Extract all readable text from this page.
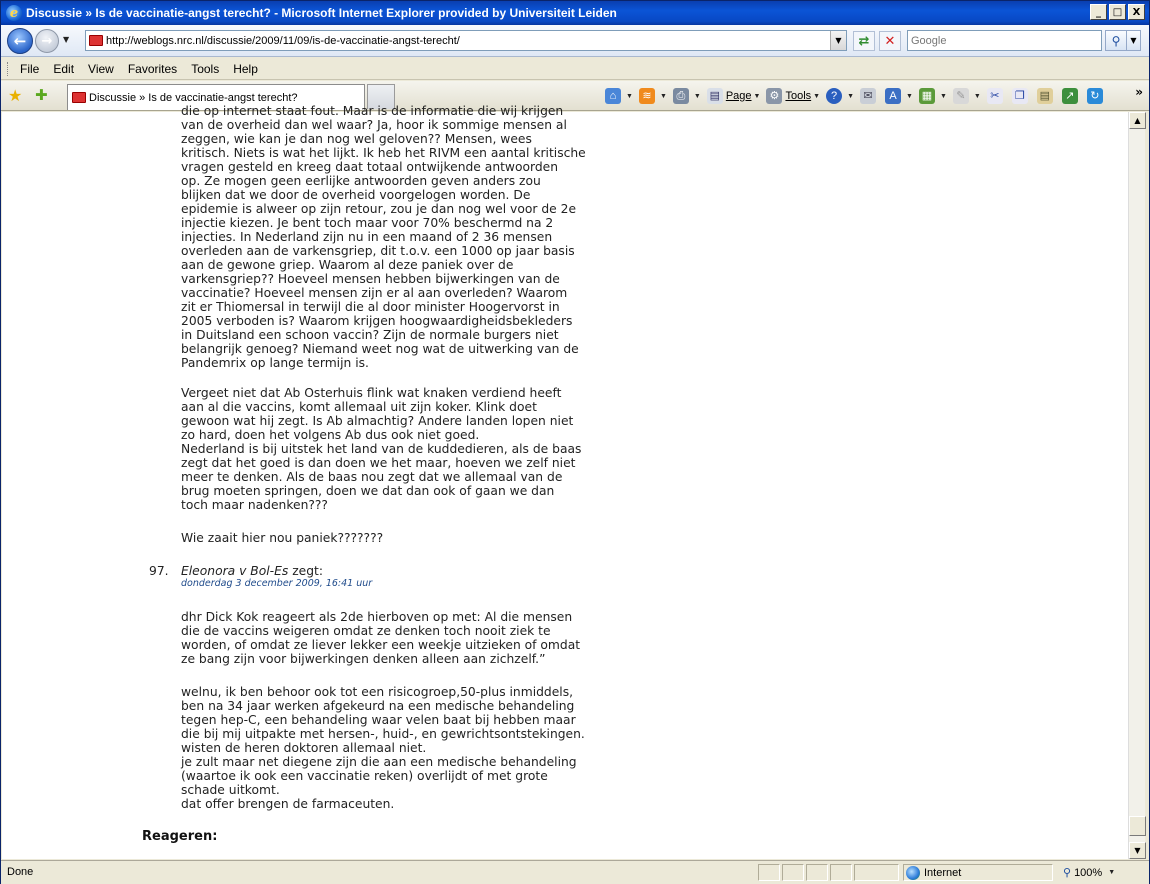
e Discussie » Is de vaccinatie-angst terecht? - Microsoft Internet Explorer provided by Universiteit Leiden	_	□	X
←	→	▼	http://weblogs.nrc.nl/discussie/2009/11/09/is-de-vaccinatie-angst-terecht/	▼	⇄	✕	Google	⚲	▼
File Edit View Favorites Tools Help
★ ✚	Discussie » Is de vaccinatie-angst terecht?	⌂	▼ ≋	▼ ⎙	▼ ▤ Page ▼ ⚙ Tools ▼ ?	▼ ✉	A	▼ ▦	▼ ✎	▼ ✂	❐ ▤	↗	↻	»

die op internet staat fout. Maar is de informatie die wij krijgen
van de overheid dan wel waar? Ja, hoor ik sommige mensen al
zeggen, wie kan je dan nog wel geloven?? Mensen, wees
kritisch. Niets is wat het lijkt. Ik heb het RIVM een aantal kritische
vragen gesteld en kreeg daat totaal ontwijkende antwoorden
op. Ze mogen geen eerlijke antwoorden geven anders zou
blijken dat we door de overheid voorgelogen worden. De
epidemie is alweer op zijn retour, zou je dan nog wel voor de 2e
injectie kiezen. Je bent toch maar voor 70% beschermd na 2
injecties. In Nederland zijn nu in een maand of 2 36 mensen
overleden aan de varkensgriep, dit t.o.v. een 1000 op jaar basis
aan de gewone griep. Waarom al deze paniek over de
varkensgriep?? Hoeveel mensen hebben bijwerkingen van de
vaccinatie? Hoeveel mensen zijn er al aan overleden? Waarom
zit er Thiomersal in terwijl die al door minister Hoogervorst in
2005 verboden is? Waarom krijgen hoogwaardigheidsbekleders
in Duitsland een schoon vaccin? Zijn de normale burgers niet
belangrijk genoeg? Niemand weet nog wat de uitwerking van de
Pandemrix op lange termijn is.

Vergeet niet dat Ab Osterhuis flink wat knaken verdiend heeft
aan al die vaccins, komt allemaal uit zijn koker. Klink doet
gewoon wat hij zegt. Is Ab almachtig? Andere landen lopen niet
zo hard, doen het volgens Ab dus ook niet goed.
Nederland is bij uitstek het land van de kuddedieren, als de baas
zegt dat het goed is dan doen we het maar, hoeven we zelf niet
meer te denken. Als de baas nou zegt dat we allemaal van de
brug moeten springen, doen we dat dan ook of gaan we dan
toch maar nadenken???

Wie zaait hier nou paniek???????

97. Eleonora v Bol-Es zegt:
donderdag 3 december 2009, 16:41 uur

dhr Dick Kok reageert als 2de hierboven op met: Al die mensen
die de vaccins weigeren omdat ze denken toch nooit ziek te
worden, of omdat ze liever lekker een weekje uitzieken of omdat
ze bang zijn voor bijwerkingen denken alleen aan zichzelf.”

welnu, ik ben behoor ook tot een risicogroep,50-plus inmiddels,
ben na 34 jaar werken afgekeurd na een medische behandeling
tegen hep-C, een behandeling waar velen baat bij hebben maar
die bij mij uitpakte met hersen-, huid-, en gewrichtsontstekingen.
wisten de heren doktoren allemaal niet.
je zult maar net diegene zijn die aan een medische behandeling
(waartoe ik ook een vaccinatie reken) overlijdt of met grote
schade uitkomt.
dat offer brengen de farmaceuten.

Reageren:
▲
▼
Done	Internet	⚲ 100% ▼
